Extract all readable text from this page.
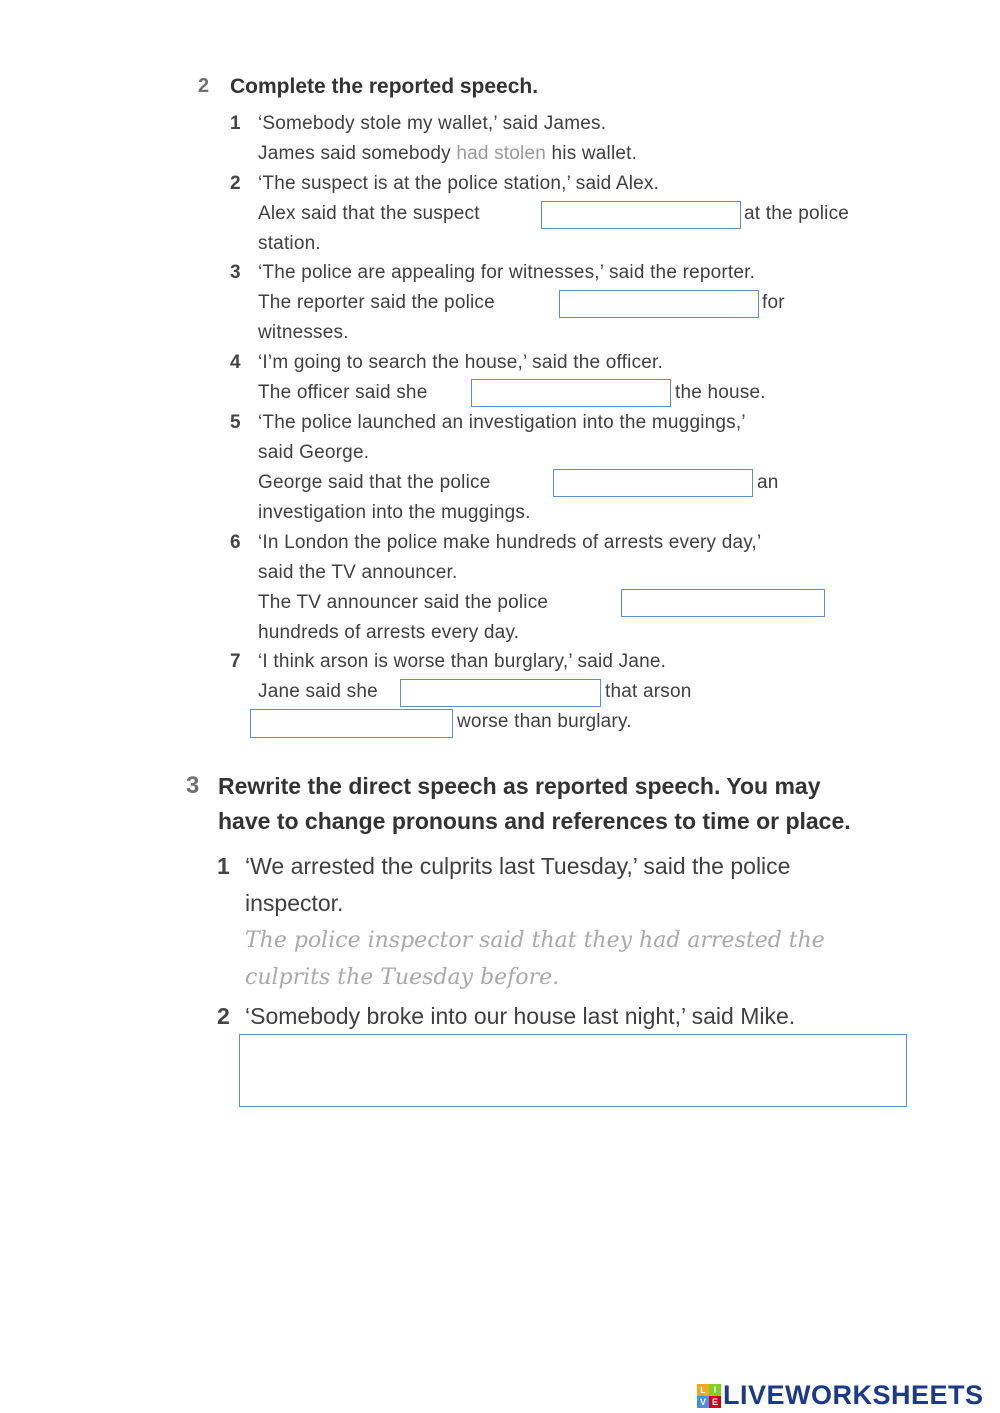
2 Complete the reported speech.
1 ‘Somebody stole my wallet,’ said James.
James said somebody had stolen his wallet.
2 ‘The suspect is at the police station,’ said Alex.
Alex said that the suspect	at the police
station.
3 ‘The police are appealing for witnesses,’ said the reporter.
The reporter said the police	for
witnesses.
4 ‘I’m going to search the house,’ said the officer.
The officer said she	the house.
5 ‘The police launched an investigation into the muggings,’
said George.
George said that the police	an
investigation into the muggings.
6 ‘In London the police make hundreds of arrests every day,’
said the TV announcer.
The TV announcer said the police
hundreds of arrests every day.
7 ‘I think arson is worse than burglary,’ said Jane.
Jane said she	that arson
worse than burglary.
3 Rewrite the direct speech as reported speech. You may
have to change pronouns and references to time or place.
1 ‘We arrested the culprits last Tuesday,’ said the police
inspector.
The police inspector said that they had arrested the
culprits the Tuesday before.
2 ‘Somebody broke into our house last night,’ said Mike.
L I
V E LIVEWORKSHEETS
